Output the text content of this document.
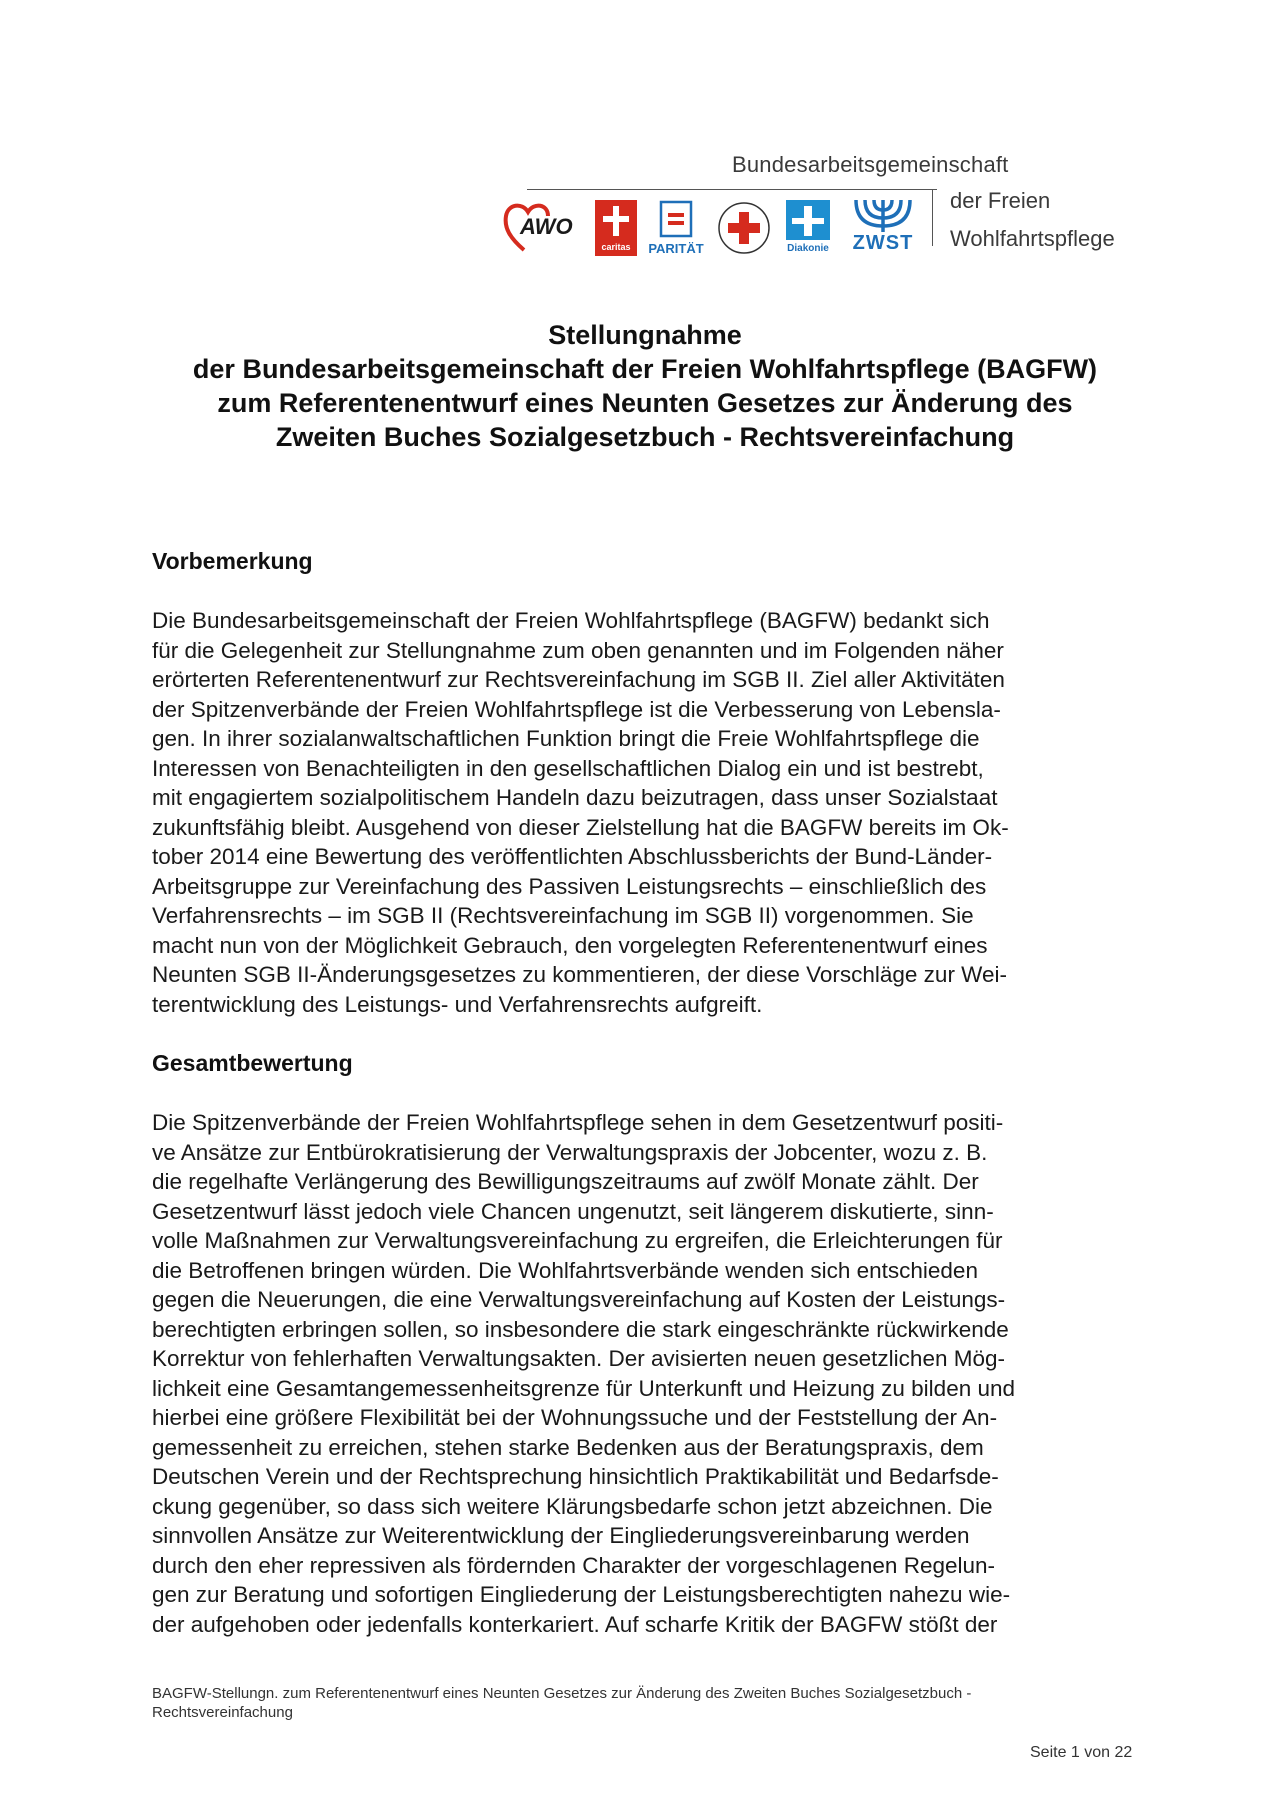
Bundesarbeitsgemeinschaft
der Freien
Wohlfahrtspflege
AWO
caritas	PARITÄT	Diakonie	ZWST
Stellungnahme
der Bundesarbeitsgemeinschaft der Freien Wohlfahrtspflege (BAGFW)
zum Referentenentwurf eines Neunten Gesetzes zur Änderung des
Zweiten Buches Sozialgesetzbuch - Rechtsvereinfachung
Vorbemerkung
Die Bundesarbeitsgemeinschaft der Freien Wohlfahrtspflege (BAGFW) bedankt sich
für die Gelegenheit zur Stellungnahme zum oben genannten und im Folgenden näher
erörterten Referentenentwurf zur Rechtsvereinfachung im SGB II. Ziel aller Aktivitäten
der Spitzenverbände der Freien Wohlfahrtspflege ist die Verbesserung von Lebensla-
gen. In ihrer sozialanwaltschaftlichen Funktion bringt die Freie Wohlfahrtspflege die
Interessen von Benachteiligten in den gesellschaftlichen Dialog ein und ist bestrebt,
mit engagiertem sozialpolitischem Handeln dazu beizutragen, dass unser Sozialstaat
zukunftsfähig bleibt. Ausgehend von dieser Zielstellung hat die BAGFW bereits im Ok-
tober 2014 eine Bewertung des veröffentlichten Abschlussberichts der Bund-Länder-
Arbeitsgruppe zur Vereinfachung des Passiven Leistungsrechts – einschließlich des
Verfahrensrechts – im SGB II (Rechtsvereinfachung im SGB II) vorgenommen. Sie
macht nun von der Möglichkeit Gebrauch, den vorgelegten Referentenentwurf eines
Neunten SGB II-Änderungsgesetzes zu kommentieren, der diese Vorschläge zur Wei-
terentwicklung des Leistungs- und Verfahrensrechts aufgreift.
Gesamtbewertung
Die Spitzenverbände der Freien Wohlfahrtspflege sehen in dem Gesetzentwurf positi-
ve Ansätze zur Entbürokratisierung der Verwaltungspraxis der Jobcenter, wozu z. B.
die regelhafte Verlängerung des Bewilligungszeitraums auf zwölf Monate zählt. Der
Gesetzentwurf lässt jedoch viele Chancen ungenutzt, seit längerem diskutierte, sinn-
volle Maßnahmen zur Verwaltungsvereinfachung zu ergreifen, die Erleichterungen für
die Betroffenen bringen würden. Die Wohlfahrtsverbände wenden sich entschieden
gegen die Neuerungen, die eine Verwaltungsvereinfachung auf Kosten der Leistungs-
berechtigten erbringen sollen, so insbesondere die stark eingeschränkte rückwirkende
Korrektur von fehlerhaften Verwaltungsakten. Der avisierten neuen gesetzlichen Mög-
lichkeit eine Gesamtangemessenheitsgrenze für Unterkunft und Heizung zu bilden und
hierbei eine größere Flexibilität bei der Wohnungssuche und der Feststellung der An-
gemessenheit zu erreichen, stehen starke Bedenken aus der Beratungspraxis, dem
Deutschen Verein und der Rechtsprechung hinsichtlich Praktikabilität und Bedarfsde-
ckung gegenüber, so dass sich weitere Klärungsbedarfe schon jetzt abzeichnen. Die
sinnvollen Ansätze zur Weiterentwicklung der Eingliederungsvereinbarung werden
durch den eher repressiven als fördernden Charakter der vorgeschlagenen Regelun-
gen zur Beratung und sofortigen Eingliederung der Leistungsberechtigten nahezu wie-
der aufgehoben oder jedenfalls konterkariert. Auf scharfe Kritik der BAGFW stößt der
BAGFW-Stellungn. zum Referentenentwurf eines Neunten Gesetzes zur Änderung des Zweiten Buches Sozialgesetzbuch -
Rechtsvereinfachung
Seite 1 von 22
